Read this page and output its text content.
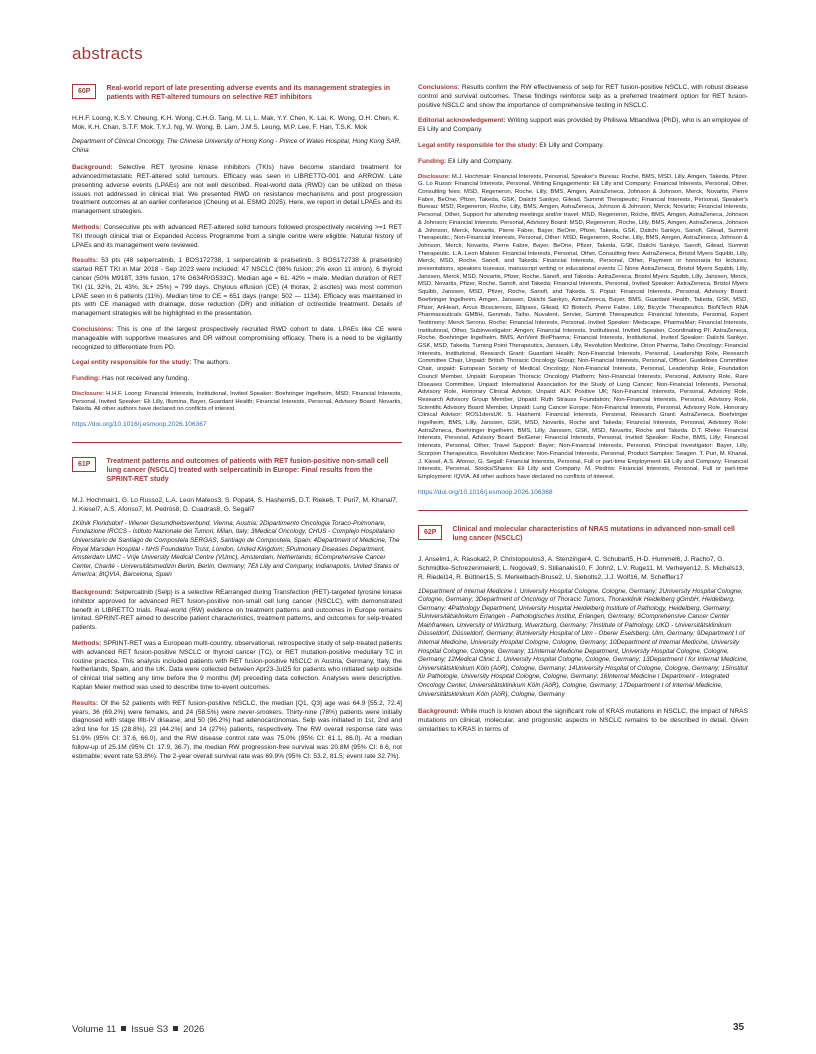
abstracts
60P	Real-world report of late presenting adverse events and its management strategies in patients with RET-altered tumours on selective RET inhibitors
H.H.F. Loong, K.S.Y. Cheung, K.H. Wong, C.H.G. Tang, M. Li, L. Mak, Y.Y. Chen, K. Lai, K. Wong, O.H. Chen, K. Mok, K.H. Chan, S.T.F. Mok, T.Y.J. Ng, W. Wong, B. Lam, J.M.S. Leung, M.P. Lee, F. Han, T.S.K. Mok
Department of Clinical Oncology, The Chinese University of Hong Kong - Prince of Wales Hospital, Hong Kong SAR, China

Background: Selective RET tyrosine kinase inhibitors (TKIs) have become standard treatment for advanced/metastatic RET-altered solid tumours. Efficacy was seen in LIBRETTO-001 and ARROW. Late presenting adverse events (LPAEs) are not well described. Real-world data (RWD) can be utilized on these issues not addressed in clinical trial. We presented RWD on resistance mechanisms and post progression treatment outcomes at an earlier conference (Cheung et al. ESMO 2025). Here, we report in detail LPAEs and its management strategies.

Methods: Consecutive pts with advanced RET-altered solid tumours followed prospectively receiving >=1 RET TKI through clinical trial or Expanded Access Programme from a single centre were eligible. Natural history of LPAEs and its management were reviewed.

Results: 53 pts (48 selpercatinib, 1 BOS172738, 1 selpercatinib & pralsetinib, 3 BOS172738 & pralsetinib) started RET TKI in Mar 2018 - Sep 2023 were included: 47 NSCLC (98% fusion; 2% exon 11 intron), 6 thyroid cancer (50% M918T, 33% fusion, 17% G634R/G533C). Median age = 61. 42% = male. Median duration of RET TKI (1L 32%, 2L 43%, 3L+ 25%) = 799 days. Chylous effusion (CE) (4 thorax, 2 ascites) was most common LPAE seen in 6 patients (11%). Median time to CE = 651 days (range: 502 — 1134). Efficacy was maintained in pts with CE managed with drainage, dose reduction (DR) and initiation of octreotide treatment. Details of management strategies will be highlighted in the presentation.

Conclusions: This is one of the largest prospectively recruited RWD cohort to date. LPAEs like CE were manageable with supportive measures and DR without compromising efficacy. There is a need to be vigilantly recognized to differentiate from PD.

Legal entity responsible for the study: The authors.

Funding: Has not received any funding.

Disclosure: H.H.F. Loong: Financial Interests, Institutional, Invited Speaker: Boehringer Ingelheim, MSD; Financial Interests, Personal, Invited Speaker: Eli Lilly, Illumina, Bayer, Guardant Health; Financial Interests, Personal, Advisory Board: Novartis, Takeda. All other authors have declared no conflicts of interest.

https://doi.org/10.1016/j.esmoop.2026.106367
61P	Treatment patterns and outcomes of patients with RET fusion-positive non-small cell lung cancer (NSCLC) treated with selpercatinib in Europe: Final results from the SPRINT-RET study
M.J. Hochmair1, G. Lo Russo2, L.A. Leon Mateos3, S. Popat4, S. Hashemi5, D.T. Rieke6, T. Puri7, M. Khanal7, J. Kiesel7, A.S. Afonso7, M. Pedrós8, D. Cuadras8, G. Segall7
1Klinik Floridsdorf - Wiener Gesundheitsverbund, Vienna, Austria; 2Dipartimento Oncologia Toraco-Polmonare, Fondazione IRCCS - Istituto Nazionale dei Tumori, Milan, Italy; 3Medical Oncology, CHUS - Complejo Hospitalario Universitario de Santiago de Compostela SERGAS, Santiago de Compostela, Spain; 4Department of Medicine, The Royal Marsden Hospital - NHS Foundation Trust, London, United Kingdom; 5Pulmonary Diseases Department, Amsterdam UMC - Vrije University Medical Centre (VUmc), Amsterdam, Netherlands; 6Comprehensive Cancer Center, Charité - Universitätsmedizin Berlin, Berlin, Germany; 7Eli Lilly and Company, Indianapolis, United States of America; 8IQVIA, Barcelona, Spain

Background: Selpercatinib (Selp) is a selective REarranged during Transfection (RET)-targeted tyrosine kinase inhibitor approved for advanced RET fusion-positive non-small cell lung cancer (NSCLC), with demonstrated benefit in LIBRETTO trials. Real-world (RW) evidence on treatment patterns and outcomes in Europe remains limited. SPRINT-RET aimed to describe patient characteristics, treatment patterns, and outcomes for selp-treated patients.

Methods: SPRINT-RET was a European multi-country, observational, retrospective study of selp-treated patients with advanced RET fusion-positive NSCLC or thyroid cancer (TC), or RET mutation-positive medullary TC in routine practice. This analysis included patients with RET fusion-positive NSCLC in Austria, Germany, Italy, the Netherlands, Spain, and the UK. Data were collected between Apr23-Jul25 for patients who initiated selp outside of clinical trial setting any time before the 9 months (M) preceding data collection. Analyses were descriptive. Kaplan Meier method was used to describe time to-event outcomes.

Results: Of the 52 patients with RET fusion-positive NSCLC, the median [Q1, Q3] age was 64.9 [55.2, 72.4] years, 36 (69.2%) were females, and 24 (58.5%) were never-smokers. Thirty-nine (78%) patients were initially diagnosed with stage IIIb-IV disease, and 50 (96.2%) had adenocarcinomas. Selp was initiated in 1st, 2nd and ≥3rd line for 15 (28.8%), 23 (44.2%) and 14 (27%) patients, respectively. The RW overall response rate was 51.9% (95% CI: 37.6, 66.0), and the RW disease control rate was 75.0% (95% CI: 61.1, 86.0). At a median follow-up of 25.1M (95% CI: 17.9, 36.7), the median RW progression-free survival was 20.8M (95% CI: 6.6, not estimable; event rate 53.8%). The 2-year overall survival rate was 69.9% (95% CI: 53.2, 81.5; event rate 32.7%).

Conclusions: Results confirm the RW effectiveness of selp for RET fusion-positive NSCLC, with robust disease control and survival outcomes. These findings reinforce selp as a preferred treatment option for RET fusion-positive NSCLC and show the importance of comprehensive testing in NSCLC.

Editorial acknowledgement: Writing support was provided by Philiswa Mbandlwa (PhD), who is an employee of Eli Lilly and Company.

Legal entity responsible for the study: Eli Lilly and Company.

Funding: Eli Lilly and Company.

Disclosure: M.J. Hochmair: Financial Interests, Personal, Speaker's Bureau: Roche, BMS, MSD, Lilly, Amgen, Takeda, Pfizer. G. Lo Russo: Financial Interests, Personal, Writing Engagements: Eli Lilly and Company; Financial Interests, Personal, Other, Consulting fees: MSD, Regeneron, Roche, Lilly, BMS, Amgen, AstraZeneca, Johnson & Johnson, Merck, Novartis, Pierre Fabre, BeOne, Pfizer, Takeda, GSK, Daiichi Sankyo, Gilead, Summit Therapeutic; Financial Interests, Personal, Speaker's Bureau: MSD, Regeneron, Roche, Lilly, BMS, Amgen, AstraZeneca, Johnson & Johnson, Merck, Novartis; Financial Interests, Personal, Other, Support for attending meetings and/or travel: MSD, Regeneron, Roche, BMS, Amgen, AstraZeneca, Johnson & Johnson; Financial Interests, Personal, Advisory Board: MSD, Regeneron, Roche, Lilly, BMS, Amgen, AstraZeneca, Johnson & Johnson, Merck, Novartis, Pierre Fabre, Bayer, BeOne, Pfizer, Takeda, GSK, Daiichi Sankyo, Sanofi, Gilead, Summit Therapeutic.; Non-Financial Interests, Personal, Other: MSD, Regeneron, Roche, Lilly, BMS, Amgen, AstraZeneca, Johnson & Johnson, Merck, Novartis, Pierre Fabre, Bayer, BeOne, Pfizer, Takeda, GSK, Daiichi Sankyo, Sanofi, Gilead, Summit Therapeutic. L.A. Leon Mateos: Financial Interests, Personal, Other, Consulting fees: AstraZeneca, Bristol Myers Squibb, Lilly, Merck, MSD, Roche, Sanofi, and Takeda; Financial Interests, Personal, Other, Payment or honoraria for lectures, presentations, speakers bureaus, manuscript writing or educational events ☐ None AstraZeneca, Bristol Myers Squibb, Lilly, Janssen, Merck, MSD, Novartis, Pfizer, Roche, Sanofi, and Takeda.: AstraZeneca, Bristol Myers Squibb, Lilly, Janssen, Merck, MSD, Novartis, Pfizer, Roche, Sanofi, and Takeda; Financial Interests, Personal, Invited Speaker: AstraZeneca, Bristol Myers Squibb, Janssen, MSD, Pfizer, Roche, Sanofi, and Takeda. S. Popat: Financial Interests, Personal, Advisory Board: Boehringer Ingelheim, Amgen, Janssen, Daiichi Sankyo, AstraZeneca, Bayer, BMS, Guardant Health, Takeda, GSK, MSD, Pfizer, AnHeart, Arcus Biosciences, Ellipses, Gilead, IO Biotech, Pierre Fabre, Lilly, Bicycle Therapeutics, BioNTech RNA Pharmaceuticals GMBH, Genmab, Taiho, Nuvalent, Servier, Summit Therapeutics; Financial Interests, Personal, Expert Testimony: Merck Serono, Roche; Financial Interests, Personal, Invited Speaker: Medscape, PharmaMar; Financial Interests, Institutional, Other, Subinvestigator: Amgen; Financial Interests, Institutional, Invited Speaker, Coordinating PI: AstraZeneca, Roche, Boehringer Ingelheim, BMS, ArriVent BioPharma; Financial Interests, Institutional, Invited Speaker: Daiichi Sankyo, GSK, MSD, Takeda, Turning Point Therapeutics, Janssen, Lilly, Revolution Medicine, Orion Pharma, Taiho Oncology; Financial Interests, Institutional, Research Grant: Guardant Health; Non-Financial Interests, Personal, Leadership Role, Research Committee Chair, Unpaid: British Thoracic Oncology Group; Non-Financial Interests, Personal, Officer, Guidelines Committee Chair, unpaid: European Society of Medical Oncology; Non-Financial Interests, Personal, Leadership Role, Foundation Council Member, Unpaid: European Thoracic Oncology Platform; Non-Financial Interests, Personal, Advisory Role, Rare Diseases Committee, Unpaid: International Association for the Study of Lung Cancer; Non-Financial Interests, Personal, Advisory Role, Honorary Clinical Advisor, Unpaid: ALK Positive UK; Non-Financial Interests, Personal, Advisory Role, Research Advisory Group Member, Unpaid: Ruth Strauss Foundation; Non-Financial Interests, Personal, Advisory Role, Scientific Advisory Board Member, Unpaid: Lung Cancer Europe; Non-Financial Interests, Personal, Advisory Role, Honorary Clinical Advisor: ROS1dersUK. S. Hashemi: Financial Interests, Personal, Research Grant: AstraZeneca, Boehringer Ingelheim, BMS, Lilly, Janssen, GSK, MSD, Novartis, Roche and Takeda; Financial Interests, Personal, Advisory Role: AstraZeneca, Boehringer Ingelheim, BMS, Lilly, Janssen, GSK, MSD, Novartis, Roche and Takeda. D.T. Rieke: Financial Interests, Personal, Advisory Board: BeiGene; Financial Interests, Personal, Invited Speaker: Roche, BMS, Lilly; Financial Interests, Personal, Other, Travel Support: Bayer; Non-Financial Interests, Personal, Principal Investigator: Bayer, Lilly, Scorpion Therapeutics, Revolution Medicine; Non-Financial Interests, Personal, Product Samples: Seagen. T. Puri, M. Khanal, J. Kiesel, A.S. Afonso, G. Segall: Financial Interests, Personal, Full or part-time Employment: Eli Lilly and Company; Financial Interests, Personal, Stocks/Shares: Eli Lilly and Company. M. Pedrós: Financial Interests, Personal, Full or part-time Employment: IQVIA. All other authors have declared no conflicts of interest.

https://doi.org/10.1016/j.esmoop.2026.106368
62P	Clinical and molecular characteristics of NRAS mutations in advanced non-small cell lung cancer (NSCLC)
J. Anselm1, A. Rasokat2, P. Christopoulos3, A. Stenzinger4, C. Schubart5, H-D. Hummel6, J. Racho7, G. Schmidtke-Schrezenmeier8, L. Nogova9, S. Stilianakis10, F. John2, L.V. Ruge11, M. Verheyen12, S. Michels13, R. Riedel14, R. Büttner15, S. Merkelbach-Bruse2, U. Siebolts2, J.J. Wolf16, M. Scheffler17
1Department of Internal Medicine I, University Hospital Cologne, Cologne, Germany; 2University Hospital Cologne, Cologne, Germany; 3Department of Oncology of Thoracic Tumors, Thoraxklinik Heidelberg gGmbH, Heidelberg, Germany; 4Pathology Department, University Hospital Heidelberg Institute of Pathology, Heidelberg, Germany; 5Universitätsklinikum Erlangen - Pathologisches Institut, Erlangen, Germany; 6Comprehensive Cancer Center Mainfranken, University of Würzburg, Wuerzburg, Germany; 7Institute of Pathology, UKD - Universitätsklinikum Düsseldorf, Düsseldorf, Germany; 8University Hospital of Ulm - Oberer Eselsberg, Ulm, Germany; 9Department I of Internal Medicine, University Hospital Cologne, Cologne, Germany; 10Department of Internal Medicine, University Hospital Cologne, Cologne, Germany; 11Internal Medicine Department, University Hospital Cologne, Cologne, Germany; 12Medical Clinic 1, University Hospital Cologne, Cologne, Germany; 13Department I for Internal Medicine, Universitätsklinikum Köln (AöR), Cologne, Germany; 14University Hospital of Cologne, Cologne, Germany; 15Institut für Pathologie, University Hospital Cologne, Cologne, Germany; 16Internal Medicine I Department - Integrated Oncology Center, Universitätsklinikum Köln (AöR), Cologne, Germany; 17Department I of Internal Medicine, Universitätsklinikum Köln (AöR), Cologne, Germany

Background: While much is known about the significant role of KRAS mutations in NSCLC, the impact of NRAS mutations on clinical, molecular, and prognostic aspects in NSCLC remains to be described in detail. Given similarities to KRAS in terms of

Volume 11 Issue S3 2026	35
